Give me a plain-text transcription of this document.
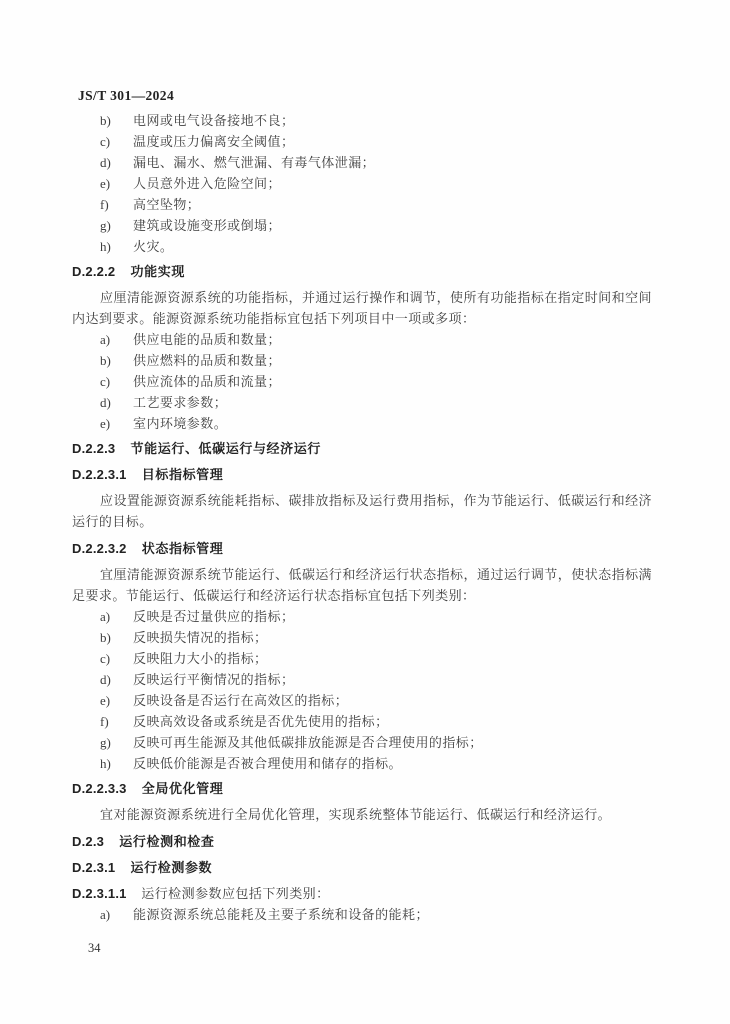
JS/T 301—2024
b) 电网或电气设备接地不良；
c) 温度或压力偏离安全阈值；
d) 漏电、漏水、燃气泄漏、有毒气体泄漏；
e) 人员意外进入危险空间；
f) 高空坠物；
g) 建筑或设施变形或倒塌；
h) 火灾。
D.2.2.2 功能实现

应厘清能源资源系统的功能指标，并通过运行操作和调节，使所有功能指标在指定时间和空间内达到要求。能源资源系统功能指标宜包括下列项目中一项或多项：

a) 供应电能的品质和数量；
b) 供应燃料的品质和数量；
c) 供应流体的品质和流量；
d) 工艺要求参数；
e) 室内环境参数。
D.2.2.3 节能运行、低碳运行与经济运行
D.2.2.3.1 目标指标管理

应设置能源资源系统能耗指标、碳排放指标及运行费用指标，作为节能运行、低碳运行和经济运行的目标。

D.2.2.3.2 状态指标管理

宜厘清能源资源系统节能运行、低碳运行和经济运行状态指标，通过运行调节，使状态指标满足要求。节能运行、低碳运行和经济运行状态指标宜包括下列类别：

a) 反映是否过量供应的指标；
b) 反映损失情况的指标；
c) 反映阻力大小的指标；
d) 反映运行平衡情况的指标；
e) 反映设备是否运行在高效区的指标；
f) 反映高效设备或系统是否优先使用的指标；
g) 反映可再生能源及其他低碳排放能源是否合理使用的指标；
h) 反映低价能源是否被合理使用和储存的指标。
D.2.2.3.3 全局优化管理

宜对能源资源系统进行全局优化管理，实现系统整体节能运行、低碳运行和经济运行。

D.2.3 运行检测和检查
D.2.3.1 运行检测参数

D.2.3.1.1 运行检测参数应包括下列类别：

a) 能源资源系统总能耗及主要子系统和设备的能耗；
34
